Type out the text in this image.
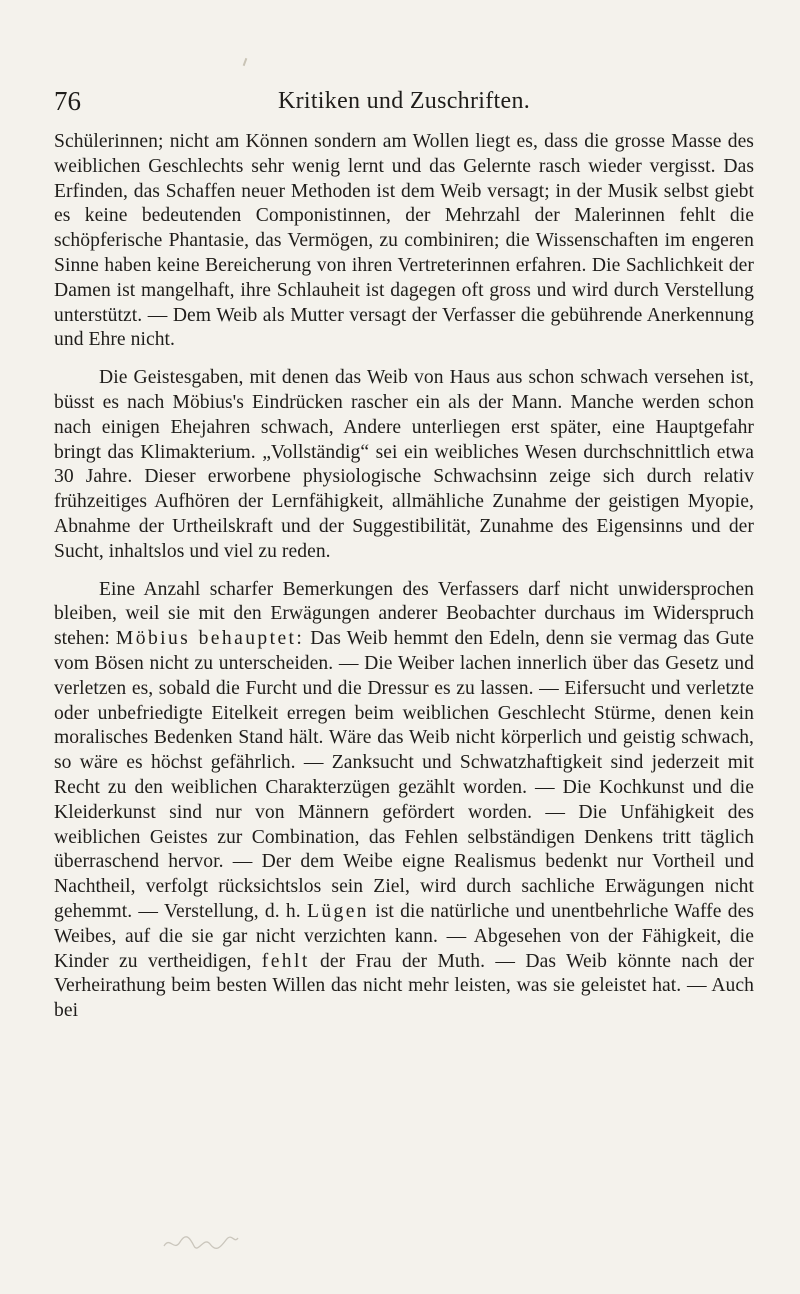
76	Kritiken und Zuschriften.

Schülerinnen; nicht am Können sondern am Wollen liegt es, dass die grosse Masse des weiblichen Geschlechts sehr wenig lernt und das Gelernte rasch wieder vergisst. Das Erfinden, das Schaffen neuer Methoden ist dem Weib versagt; in der Musik selbst giebt es keine bedeutenden Componistinnen, der Mehrzahl der Malerinnen fehlt die schöpferische Phantasie, das Vermögen, zu combiniren; die Wissenschaften im engeren Sinne haben keine Bereicherung von ihren Vertreterinnen erfahren. Die Sachlichkeit der Damen ist mangelhaft, ihre Schlauheit ist dagegen oft gross und wird durch Verstellung unterstützt. — Dem Weib als Mutter versagt der Verfasser die gebührende Anerkennung und Ehre nicht.

Die Geistesgaben, mit denen das Weib von Haus aus schon schwach versehen ist, büsst es nach Möbius's Eindrücken rascher ein als der Mann. Manche werden schon nach einigen Ehejahren schwach, Andere unterliegen erst später, eine Hauptgefahr bringt das Klimakterium. „Vollständig“ sei ein weibliches Wesen durchschnittlich etwa 30 Jahre. Dieser erworbene physiologische Schwachsinn zeige sich durch relativ frühzeitiges Aufhören der Lernfähigkeit, allmähliche Zunahme der geistigen Myopie, Abnahme der Urtheilskraft und der Suggestibilität, Zunahme des Eigensinns und der Sucht, inhaltslos und viel zu reden.

Eine Anzahl scharfer Bemerkungen des Verfassers darf nicht unwidersprochen bleiben, weil sie mit den Erwägungen anderer Beobachter durchaus im Widerspruch stehen: Möbius behauptet: Das Weib hemmt den Edeln, denn sie vermag das Gute vom Bösen nicht zu unterscheiden. — Die Weiber lachen innerlich über das Gesetz und verletzen es, sobald die Furcht und die Dressur es zu lassen. — Eifersucht und verletzte oder unbefriedigte Eitelkeit erregen beim weiblichen Geschlecht Stürme, denen kein moralisches Bedenken Stand hält. Wäre das Weib nicht körperlich und geistig schwach, so wäre es höchst gefährlich. — Zanksucht und Schwatzhaftigkeit sind jederzeit mit Recht zu den weiblichen Charakterzügen gezählt worden. — Die Kochkunst und die Kleiderkunst sind nur von Männern gefördert worden. — Die Unfähigkeit des weiblichen Geistes zur Combination, das Fehlen selbständigen Denkens tritt täglich überraschend hervor. — Der dem Weibe eigne Realismus bedenkt nur Vortheil und Nachtheil, verfolgt rücksichtslos sein Ziel, wird durch sachliche Erwägungen nicht gehemmt. — Verstellung, d. h. Lügen ist die natürliche und unentbehrliche Waffe des Weibes, auf die sie gar nicht verzichten kann. — Abgesehen von der Fähigkeit, die Kinder zu vertheidigen, fehlt der Frau der Muth. — Das Weib könnte nach der Verheirathung beim besten Willen das nicht mehr leisten, was sie geleistet hat. — Auch bei
